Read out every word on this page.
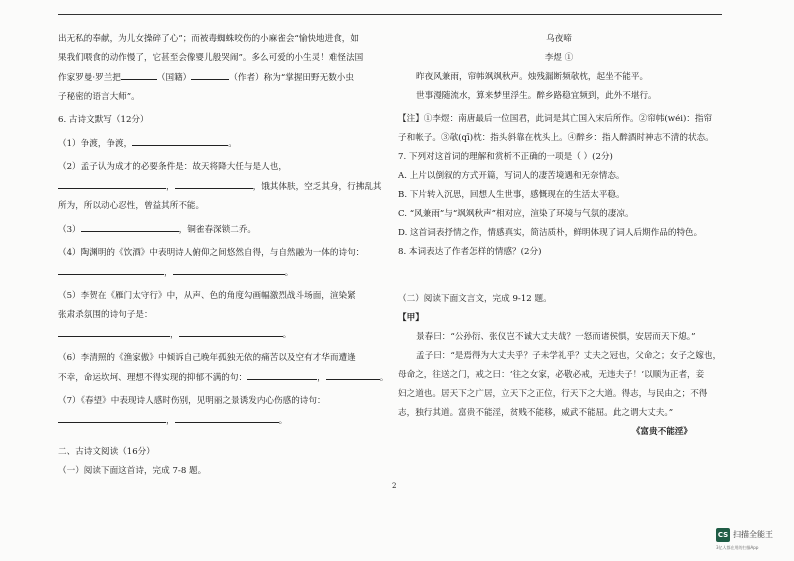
出无私的奉献，为儿女操碎了心”；而被毒蜘蛛咬伤的小麻雀会“愉快地进食，如

果我们喂食的动作慢了，它甚至会像婴儿般哭闹”。多么可爱的小生灵！难怪法国

作家罗曼·罗兰把	（国籍）	（作者）称为“掌握田野无数小虫

子秘密的语言大师”。

6. 古诗文默写（12分）

（1）争渡，争渡，	。

（2）孟子认为成才的必要条件是：故天将降大任与是人也，

，	，饿其体肤，空乏其身，行拂乱其

所为，所以动心忍性，曾益其所不能。

（3）	，铜雀春深锁二乔。

（4）陶渊明的《饮酒》中表明诗人俯仰之间悠然自得，与自然融为一体的诗句：

，	。

（5）李贺在《雁门太守行》中，从声、色的角度勾画幅激烈战斗场面，渲染紧

张肃杀氛围的诗句子是：

，	。

（6）李清照的《渔家傲》中倾诉自己晚年孤独无依的痛苦以及空有才华而遭逢

不幸，命运坎坷、理想不得实现的抑郁不满的句：	，	。

（7）《春望》中表现诗人感时伤别，见明丽之景诱发内心伤感的诗句：

，	。

二、古诗文阅读（16分）

（一）阅读下面这首诗，完成 7-8 题。

乌夜啼

李煜 ①

昨夜风兼雨，帘帏飒飒秋声。烛残漏断频欹枕，起坐不能平。

世事漫随流水，算来梦里浮生。醉乡路稳宜频到，此外不堪行。

【注】①李煜：南唐最后一位国君，此词是其亡国入宋后所作。②帘帏(wéi)：指帘

子和帐子。③欹(qī)枕：指头斜靠在枕头上。④醉乡：指人醉酒时神志不清的状态。

7. 下列对这首词的理解和赏析不正确的一项是（ ）(2分)

A. 上片以倒叙的方式开篇，写词人的凄苦境遇和无奈情态。

B. 下片转入沉思，回想人生世事，感慨现在的生活太平稳。

C. “风兼雨”与“飒飒秋声”相对应，渲染了环境与气氛的凄凉。

D. 这首词表抒情之作，情感真实，简洁质朴，鲜明体现了词人后期作品的特色。

8. 本词表达了作者怎样的情感？(2分)

（二）阅读下面文言文，完成 9-12 题。

【甲】

景春曰：“公孙衍、张仪岂不诚大丈夫哉？一怒而诸侯惧，安居而天下熄。”

孟子曰：“是焉得为大丈夫乎？子未学礼乎？丈夫之冠也，父命之；女子之嫁也，

母命之，往送之门，戒之曰：‘往之女家，必敬必戒，无违夫子！’以顺为正者，妾

妇之道也。居天下之广居，立天下之正位，行天下之大道。得志，与民由之；不得

志，独行其道。富贵不能淫，贫贱不能移，威武不能屈。此之谓大丈夫。”

《富贵不能淫》

2
CS 扫描全能王
3亿人都在用的扫描App
